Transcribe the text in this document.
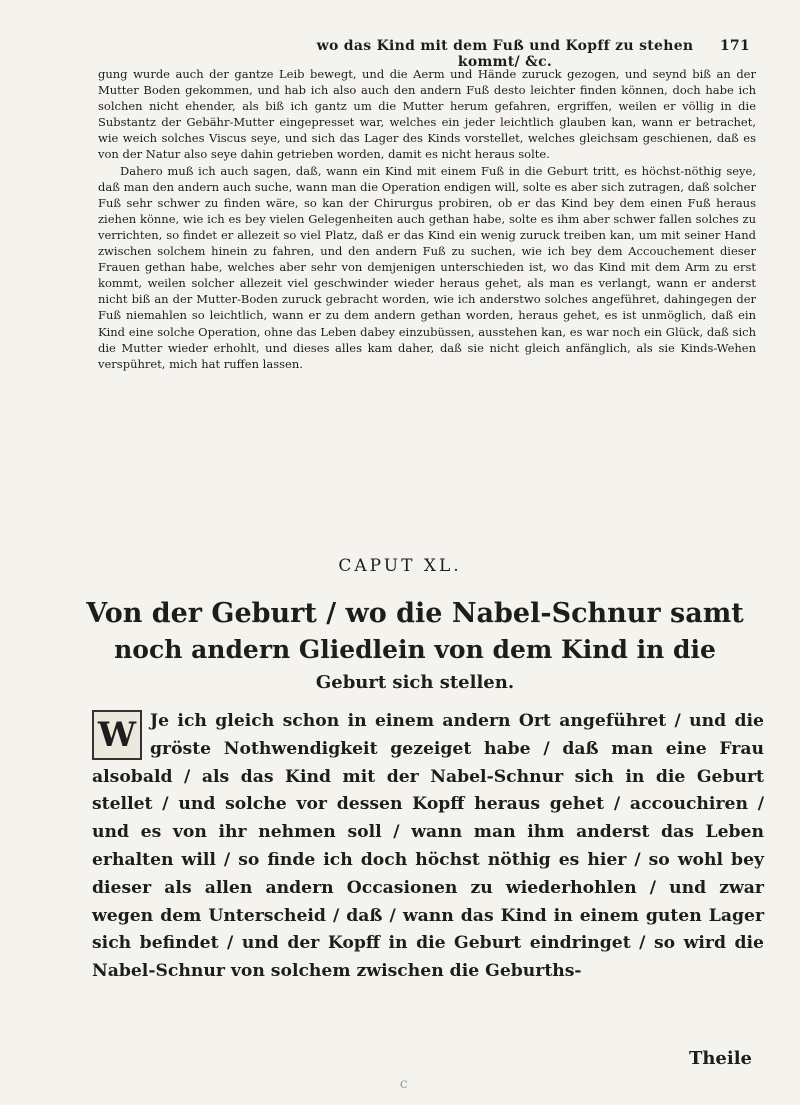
wo das Kind mit dem Fuß und Kopff zu stehen kommt/ &c.
171

gung wurde auch der gantze Leib bewegt, und die Aerm und Hände zuruck gezogen, und seynd biß an der Mutter Boden gekommen, und hab ich also auch den andern Fuß desto leichter finden können, doch habe ich solchen nicht ehender, als biß ich gantz um die Mutter herum gefahren, ergriffen, weilen er völlig in die Substantz der Gebähr-Mutter eingepresset war, welches ein jeder leichtlich glauben kan, wann er betrachet, wie weich solches Viscus seye, und sich das Lager des Kinds vorstellet, welches gleichsam geschienen, daß es von der Natur also seye dahin getrieben worden, damit es nicht heraus solte.

Dahero muß ich auch sagen, daß, wann ein Kind mit einem Fuß in die Geburt tritt, es höchst-nöthig seye, daß man den andern auch suche, wann man die Operation endigen will, solte es aber sich zutragen, daß solcher Fuß sehr schwer zu finden wäre, so kan der Chirurgus probiren, ob er das Kind bey dem einen Fuß heraus ziehen könne, wie ich es bey vielen Gelegenheiten auch gethan habe, solte es ihm aber schwer fallen solches zu verrichten, so findet er allezeit so viel Platz, daß er das Kind ein wenig zuruck treiben kan, um mit seiner Hand zwischen solchem hinein zu fahren, und den andern Fuß zu suchen, wie ich bey dem Accouchement dieser Frauen gethan habe, welches aber sehr von demjenigen unterschieden ist, wo das Kind mit dem Arm zu erst kommt, weilen solcher allezeit viel geschwinder wieder heraus gehet, als man es verlangt, wann er anderst nicht biß an der Mutter-Boden zuruck gebracht worden, wie ich anderstwo solches angeführet, dahingegen der Fuß niemahlen so leichtlich, wann er zu dem andern gethan worden, heraus gehet, es ist unmöglich, daß ein Kind eine solche Operation, ohne das Leben dabey einzubüssen, ausstehen kan, es war noch ein Glück, daß sich die Mutter wieder erhohlt, und dieses alles kam daher, daß sie nicht gleich anfänglich, als sie Kinds-Wehen verspühret, mich hat ruffen lassen.

CAPUT XL.
Von der Geburt / wo die Nabel-Schnur samt
noch andern Gliedlein von dem Kind in die
Geburt sich stellen.
W Je ich gleich schon in einem andern Ort angeführet / und die gröste Nothwendigkeit gezeiget habe / daß man eine Frau alsobald / als das Kind mit der Nabel-Schnur sich in die Geburt stellet / und solche vor dessen Kopff heraus gehet / accouchiren / und es von ihr nehmen soll / wann man ihm anderst das Leben erhalten will / so finde ich doch höchst nöthig es hier / so wohl bey dieser als allen andern Occasionen zu wiederhohlen / und zwar wegen dem Unterscheid / daß / wann das Kind in einem guten Lager sich befindet / und der Kopff in die Geburt eindringet / so wird die Nabel-Schnur von solchem zwischen die Geburths-
Theile
C
